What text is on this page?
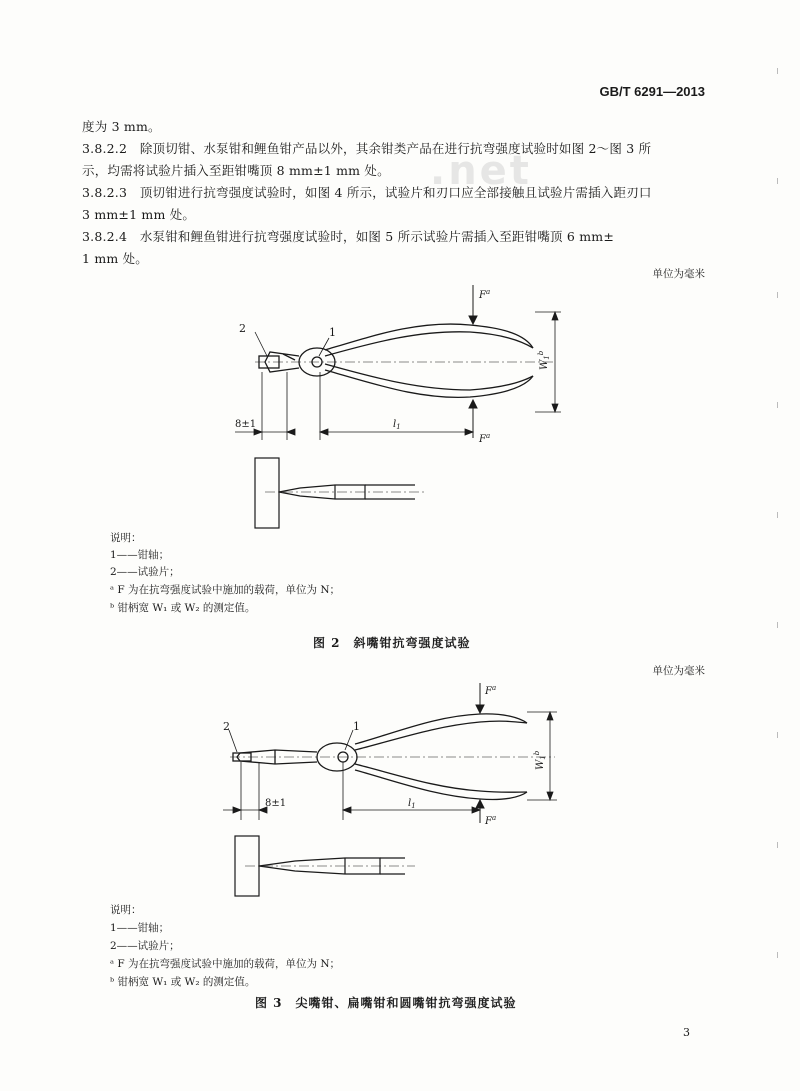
GB/T 6291—2013
.net
度为 3 mm。
3.8.2.2　除顶切钳、水泵钳和鲤鱼钳产品以外，其余钳类产品在进行抗弯强度试验时如图 2～图 3 所
示，均需将试验片插入至距钳嘴顶 8 mm±1 mm 处。
3.8.2.3　顶切钳进行抗弯强度试验时，如图 4 所示，试验片和刃口应全部接触且试验片需插入距刃口
3 mm±1 mm 处。
3.8.2.4　水泵钳和鲤鱼钳进行抗弯强度试验时，如图 5 所示试验片需插入至距钳嘴顶 6 mm±
1 mm 处。
单位为毫米
2	1
8±1	$l_1$
$F^a$
$F^a$
$W_1^b$
说明：
1——钳轴；
2——试验片；
ᵃ F 为在抗弯强度试验中施加的载荷，单位为 N；
ᵇ 钳柄宽 W₁ 或 W₂ 的测定值。
图 2　斜嘴钳抗弯强度试验
单位为毫米
2	1
8±1	$l_1$
$F^a$
$F^a$
$W_1^b$
说明：
1——钳轴；
2——试验片；
ᵃ F 为在抗弯强度试验中施加的载荷，单位为 N；
ᵇ 钳柄宽 W₁ 或 W₂ 的测定值。
图 3　尖嘴钳、扁嘴钳和圆嘴钳抗弯强度试验
3
